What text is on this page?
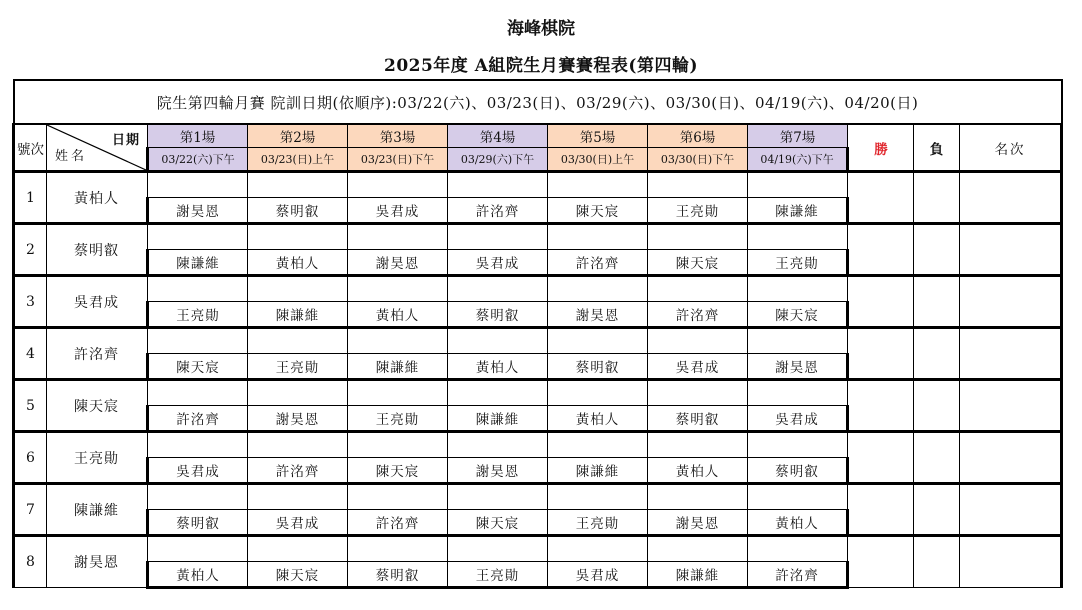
海峰棋院
2025年度 A組院生月賽賽程表(第四輪)
院生第四輪月賽 院訓日期(依順序):03/22(六)、03/23(日)、03/29(六)、03/30(日)、04/19(六)、04/20(日)											
號次	日期
姓名	第1場	第2場	第3場	第4場	第5場	第6場	第7場	勝	負	名次
		03/22(六)下午	03/23(日)上午	03/23(日)下午	03/29(六)下午	03/30(日)上午	03/30(日)下午	04/19(六)下午			
1	黃柏人										
		謝昊恩	蔡明叡	吳君成	許洺齊	陳天宸	王亮勛	陳謙維			
2	蔡明叡										
		陳謙維	黃柏人	謝昊恩	吳君成	許洺齊	陳天宸	王亮勛			
3	吳君成										
		王亮勛	陳謙維	黃柏人	蔡明叡	謝昊恩	許洺齊	陳天宸			
4	許洺齊										
		陳天宸	王亮勛	陳謙維	黃柏人	蔡明叡	吳君成	謝昊恩			
5	陳天宸										
		許洺齊	謝昊恩	王亮勛	陳謙維	黃柏人	蔡明叡	吳君成			
6	王亮勛										
		吳君成	許洺齊	陳天宸	謝昊恩	陳謙維	黃柏人	蔡明叡			
7	陳謙維										
		蔡明叡	吳君成	許洺齊	陳天宸	王亮勛	謝昊恩	黃柏人			
8	謝昊恩										
		黃柏人	陳天宸	蔡明叡	王亮勛	吳君成	陳謙維	許洺齊			
